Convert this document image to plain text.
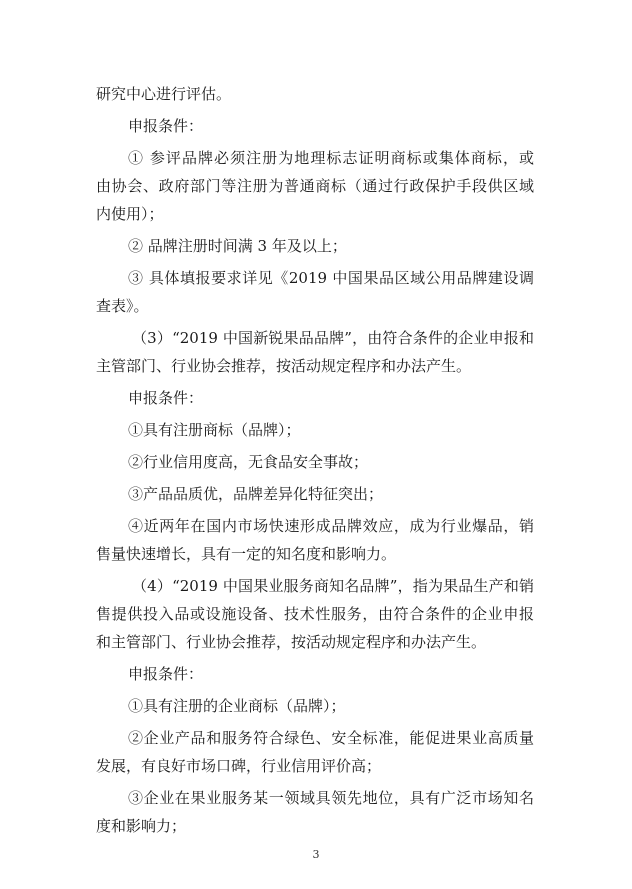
研究中心进行评估。
申报条件：
① 参评品牌必须注册为地理标志证明商标或集体商标，或
由协会、政府部门等注册为普通商标（通过行政保护手段供区域
内使用）；
② 品牌注册时间满 3 年及以上；
③ 具体填报要求详见《2019 中国果品区域公用品牌建设调
查表》。
（3）“2019 中国新锐果品品牌”，由符合条件的企业申报和
主管部门、行业协会推荐，按活动规定程序和办法产生。
申报条件：
①具有注册商标（品牌）；
②行业信用度高，无食品安全事故；
③产品品质优，品牌差异化特征突出；
④近两年在国内市场快速形成品牌效应，成为行业爆品，销
售量快速增长，具有一定的知名度和影响力。
（4）“2019 中国果业服务商知名品牌”，指为果品生产和销
售提供投入品或设施设备、技术性服务，由符合条件的企业申报
和主管部门、行业协会推荐，按活动规定程序和办法产生。
申报条件：
①具有注册的企业商标（品牌）；
②企业产品和服务符合绿色、安全标准，能促进果业高质量
发展，有良好市场口碑，行业信用评价高；
③企业在果业服务某一领域具领先地位，具有广泛市场知名
度和影响力；
3
